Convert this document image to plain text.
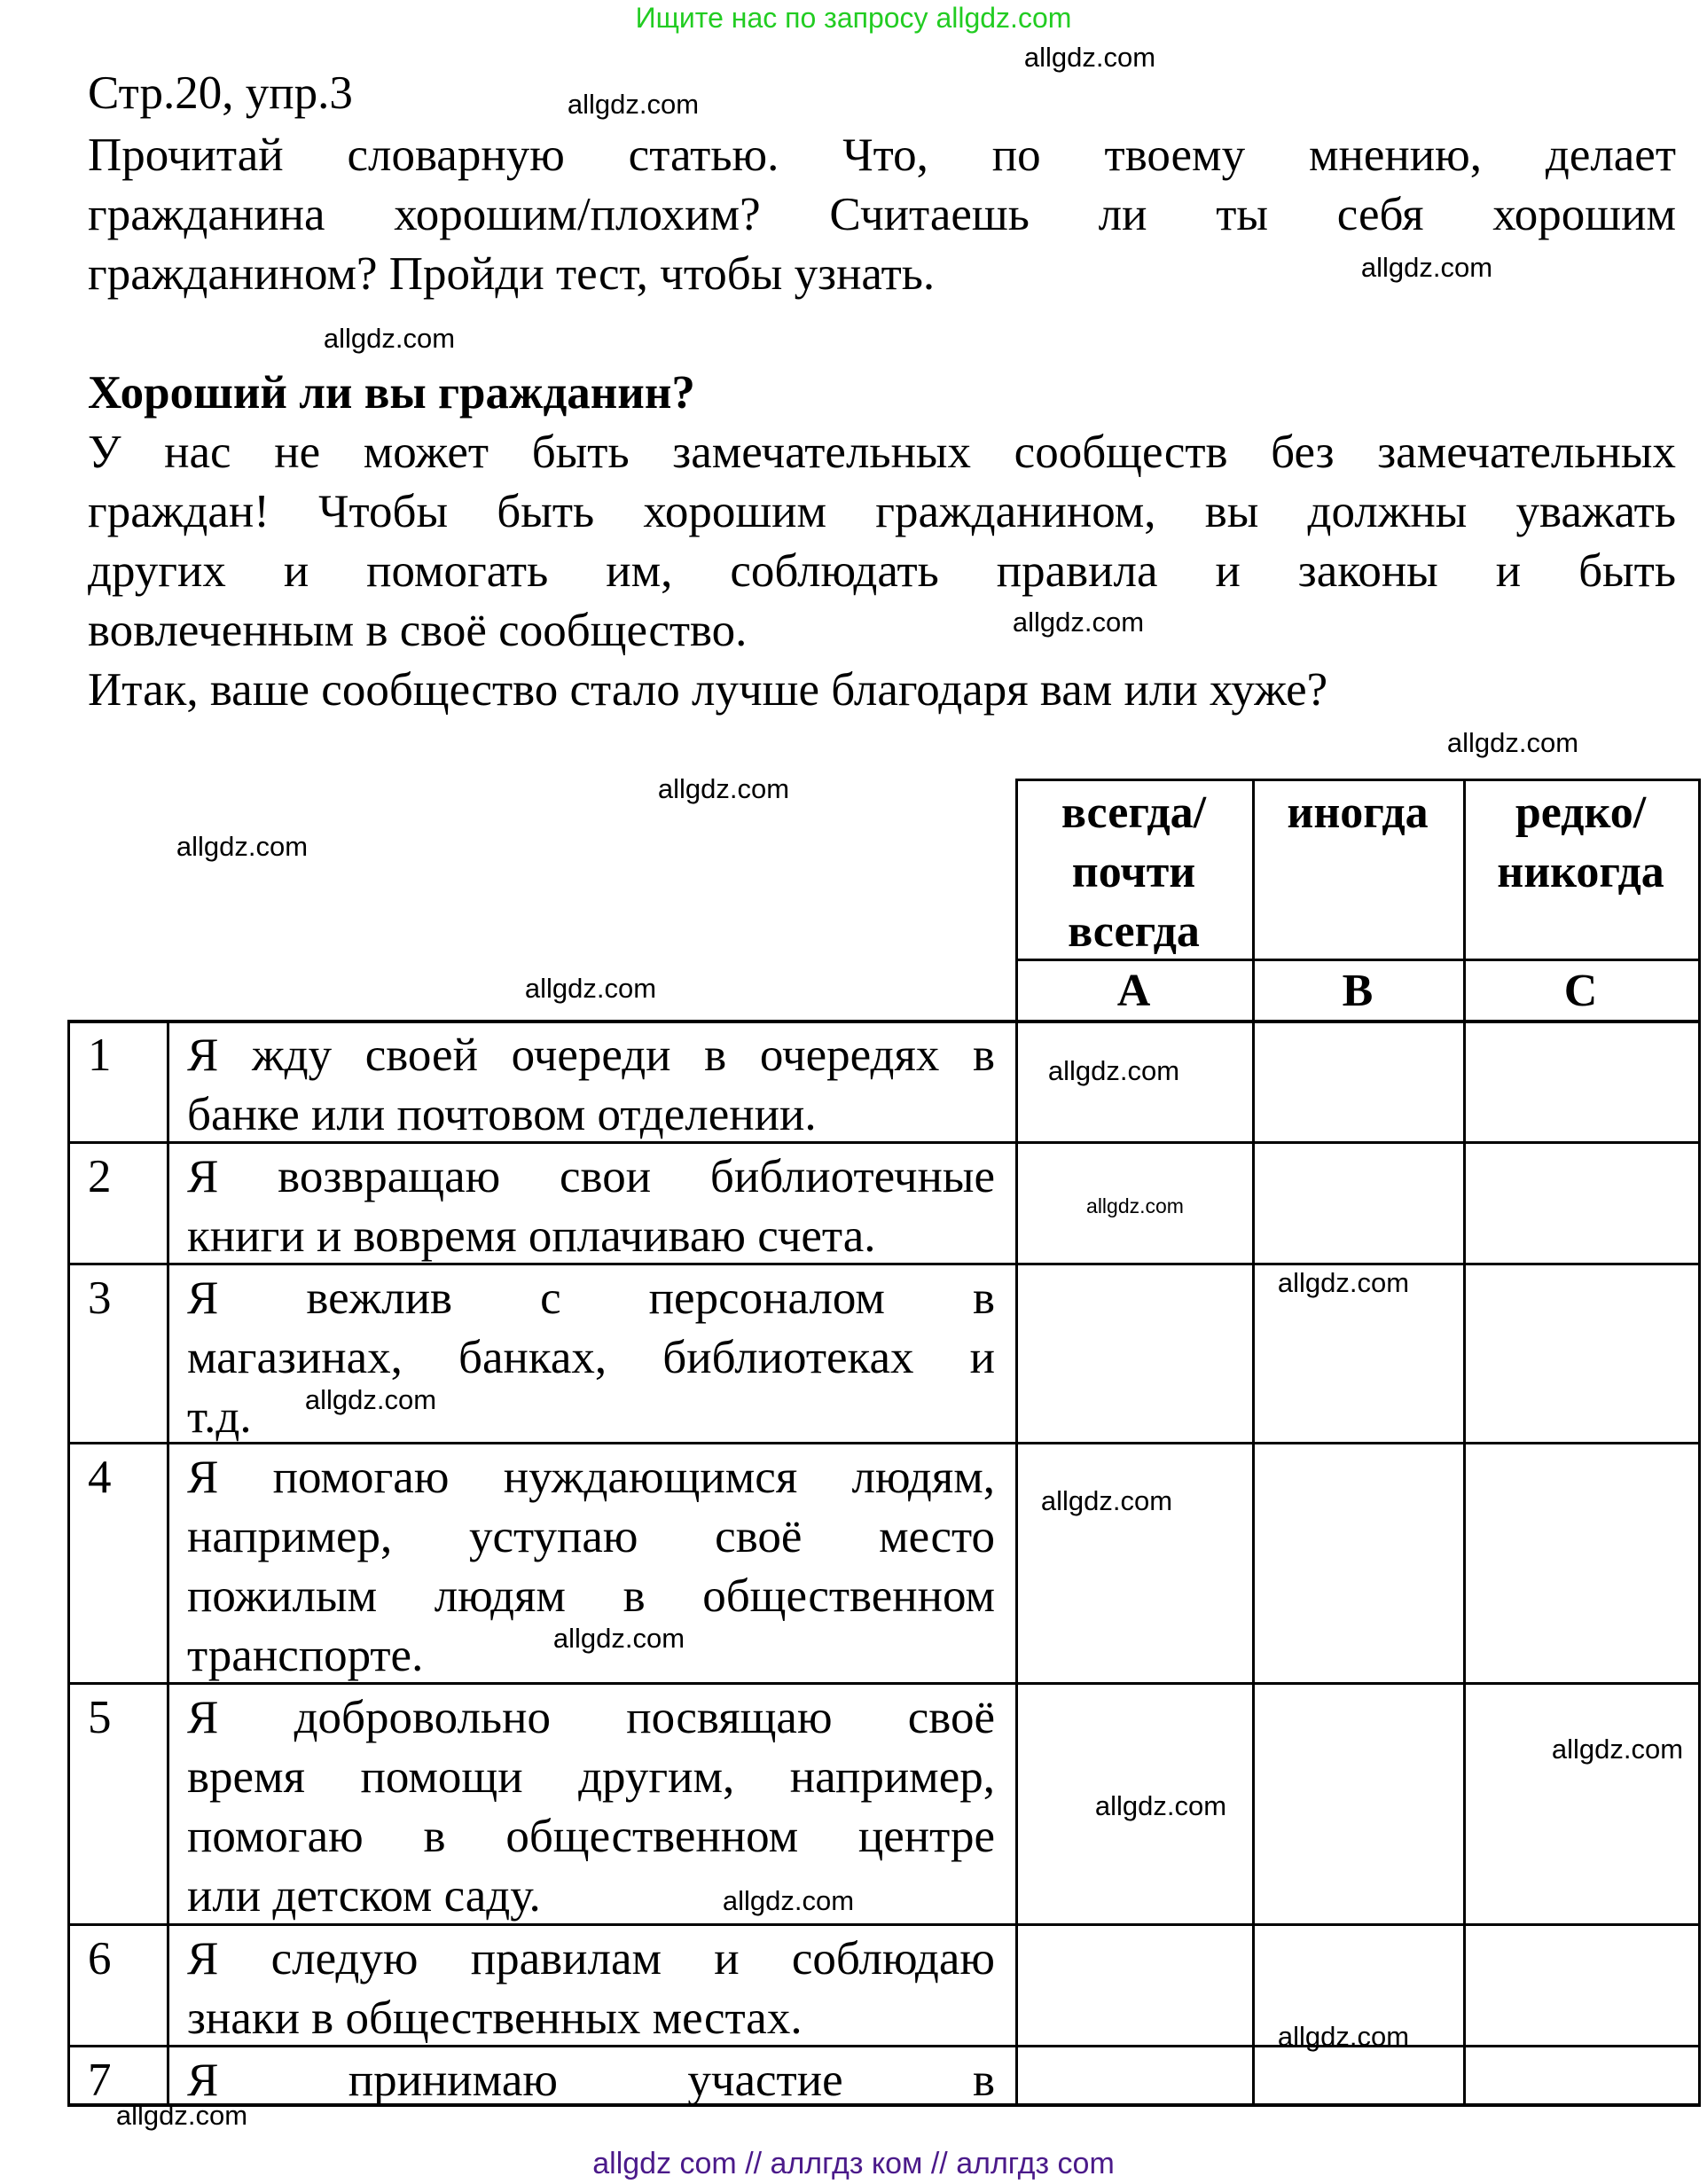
Ищите нас по запросу allgdz.com
Стр.20, упр.3
Прочитай словарную статью. Что, по твоему мнению, делает
гражданина хорошим/плохим? Считаешь ли ты себя хорошим
гражданином? Пройди тест, чтобы узнать.
Хороший ли вы гражданин?
У нас не может быть замечательных сообществ без замечательных
граждан! Чтобы быть хорошим гражданином, вы должны уважать
других и помогать им, соблюдать правила и законы и быть
вовлеченным в своё сообщество.
Итак, ваше сообщество стало лучше благодаря вам или хуже?
всегда/
почти
всегда
A
иногда
B
редко/
никогда
C
1 Я жду своей очереди в очередях в
банке или почтовом отделении.
2 Я возвращаю свои библиотечные
книги и вовремя оплачиваю счета.
3 Я вежлив с персоналом в
магазинах, банках, библиотеках и
т.д.
4 Я помогаю нуждающимся людям,
например, уступаю своё место
пожилым людям в общественном
транспорте.
5 Я добровольно посвящаю своё
время помощи другим, например,
помогаю в общественном центре
или детском саду.
6 Я следую правилам и соблюдаю
знаки в общественных местах.
7 Я принимаю участие в
allgdz.com
allgdz.com
allgdz.com
allgdz.com
allgdz.com
allgdz.com
allgdz.com
allgdz.com
allgdz.com
allgdz.com
allgdz.com
allgdz.com
allgdz.com
allgdz.com
allgdz.com
allgdz.com
allgdz.com
allgdz.com
allgdz.com
allgdz.com
allgdz com // аллгдз ком // аллгдз com
